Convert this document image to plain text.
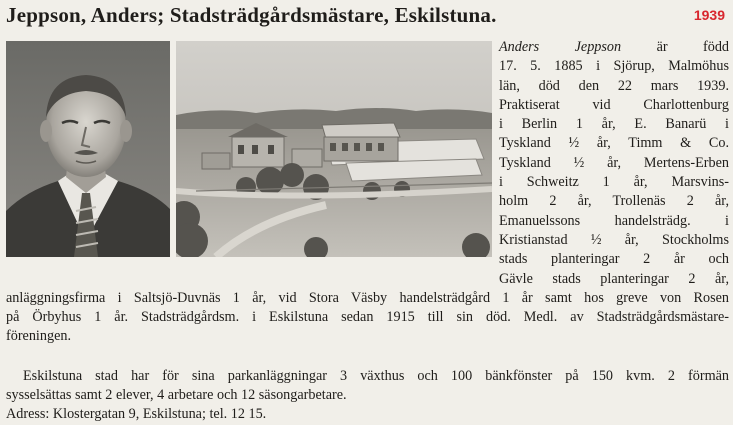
Jeppson, Anders; Stadsträdgårdsmästare, Eskilstuna.	1939
Anders Jeppson är född
17. 5. 1885 i Sjörup, Malmöhus
län, död den 22 mars 1939.
Praktiserat vid Charlottenburg
i Berlin 1 år, E. Banarü i
Tyskland ½ år, Timm & Co.
Tyskland ½ år, Mertens-Erben
i Schweitz 1 år, Marsvins-
holm 2 år, Trollenäs 2 år,
Emanuelssons handelsträdg. i
Kristianstad ½ år, Stockholms
stads planteringar 2 år och
Gävle stads planteringar 2 år,
anläggningsfirma i Saltsjö-Duvnäs 1 år, vid Stora Väsby handelsträdgård 1 år samt hos greve von Rosen
på Örbyhus 1 år. Stadsträdgårdsm. i Eskilstuna sedan 1915 till sin död. Medl. av Stadsträdgårdsmästare-
föreningen.
Eskilstuna stad har för sina parkanläggningar 3 växthus och 100 bänkfönster på 150 kvm. 2 förmän
sysselsättas samt 2 elever, 4 arbetare och 12 säsongarbetare.
Adress: Klostergatan 9, Eskilstuna; tel. 12 15.
